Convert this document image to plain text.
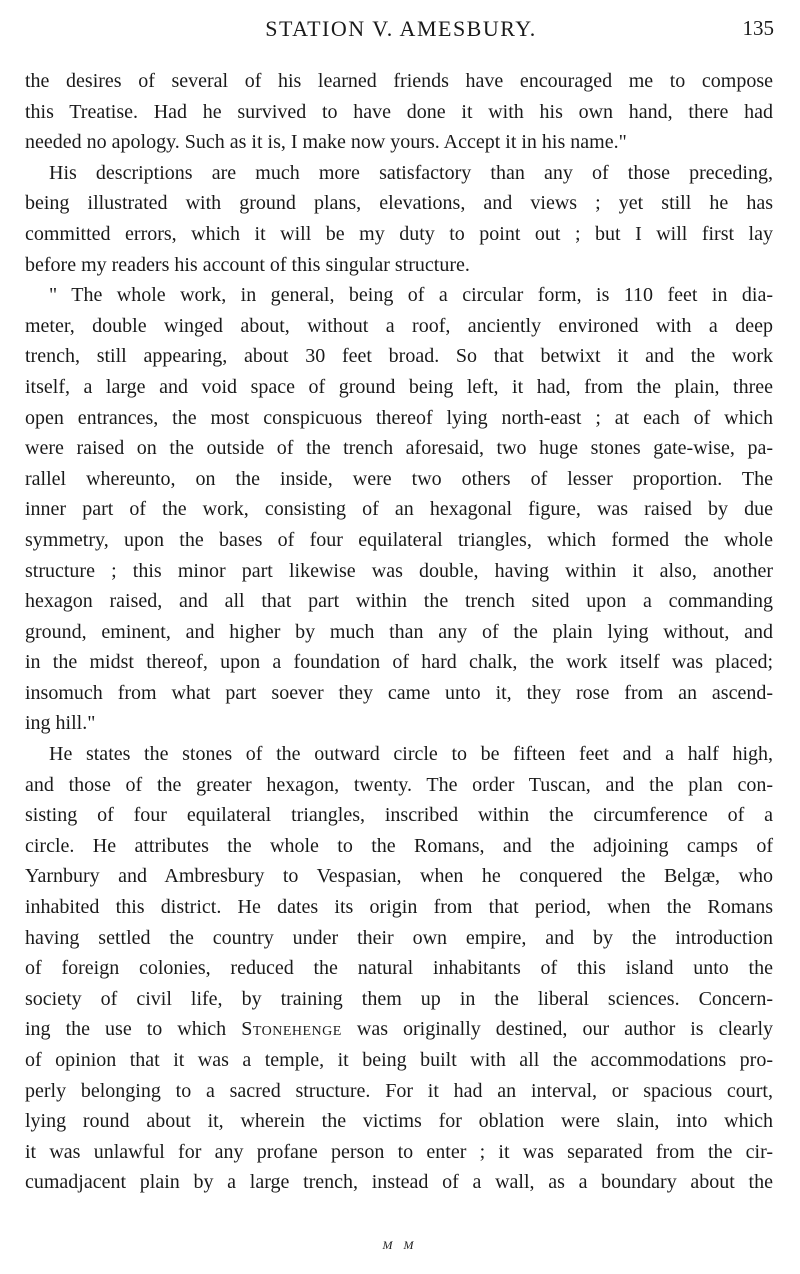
STATION V. AMESBURY.	135
the desires of several of his learned friends have encouraged me to compose
this Treatise. Had he survived to have done it with his own hand, there had
needed no apology. Such as it is, I make now yours. Accept it in his name."
His descriptions are much more satisfactory than any of those preceding,
being illustrated with ground plans, elevations, and views ; yet still he has
committed errors, which it will be my duty to point out ; but I will first lay
before my readers his account of this singular structure.
" The whole work, in general, being of a circular form, is 110 feet in dia-
meter, double winged about, without a roof, anciently environed with a deep
trench, still appearing, about 30 feet broad. So that betwixt it and the work
itself, a large and void space of ground being left, it had, from the plain, three
open entrances, the most conspicuous thereof lying north-east ; at each of which
were raised on the outside of the trench aforesaid, two huge stones gate-wise, pa-
rallel whereunto, on the inside, were two others of lesser proportion. The
inner part of the work, consisting of an hexagonal figure, was raised by due
symmetry, upon the bases of four equilateral triangles, which formed the whole
structure ; this minor part likewise was double, having within it also, another
hexagon raised, and all that part within the trench sited upon a commanding
ground, eminent, and higher by much than any of the plain lying without, and
in the midst thereof, upon a foundation of hard chalk, the work itself was placed;
insomuch from what part soever they came unto it, they rose from an ascend-
ing hill."
He states the stones of the outward circle to be fifteen feet and a half high,
and those of the greater hexagon, twenty. The order Tuscan, and the plan con-
sisting of four equilateral triangles, inscribed within the circumference of a
circle. He attributes the whole to the Romans, and the adjoining camps of
Yarnbury and Ambresbury to Vespasian, when he conquered the Belgæ, who
inhabited this district. He dates its origin from that period, when the Romans
having settled the country under their own empire, and by the introduction
of foreign colonies, reduced the natural inhabitants of this island unto the
society of civil life, by training them up in the liberal sciences. Concern-
ing the use to which Stonehenge was originally destined, our author is clearly
of opinion that it was a temple, it being built with all the accommodations pro-
perly belonging to a sacred structure. For it had an interval, or spacious court,
lying round about it, wherein the victims for oblation were slain, into which
it was unlawful for any profane person to enter ; it was separated from the cir-
cumadjacent plain by a large trench, instead of a wall, as a boundary about the
M M
